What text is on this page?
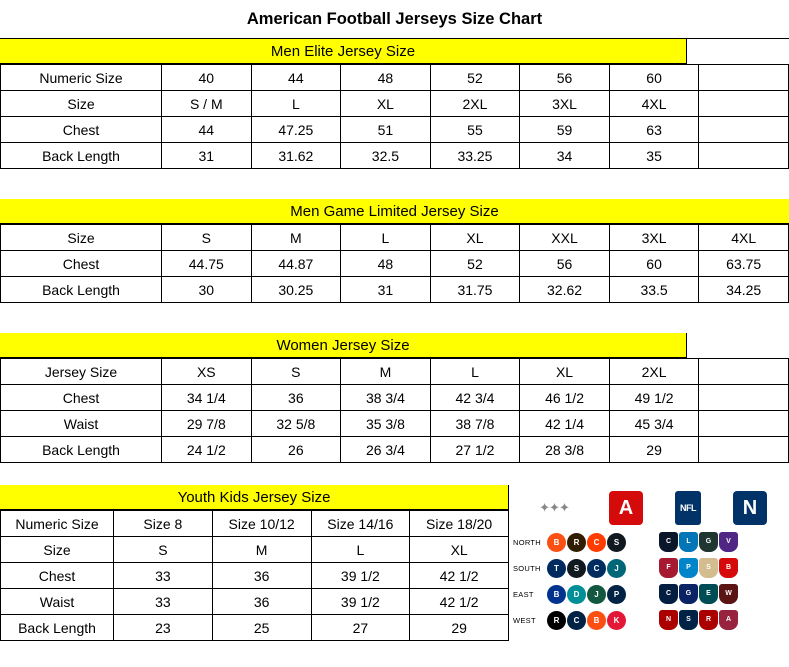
American Football Jerseys Size Chart
Men Elite Jersey Size
Numeric Size	40	44	48	52	56	60	
Size	S / M	L	XL	2XL	3XL	4XL	
Chest	44	47.25	51	55	59	63	
Back Length	31	31.62	32.5	33.25	34	35	
Men Game Limited Jersey Size
Size	S	M	L	XL	XXL	3XL	4XL
Chest	44.75	44.87	48	52	56	60	63.75
Back Length	30	30.25	31	31.75	32.62	33.5	34.25
Women Jersey Size
Jersey Size	XS	S	M	L	XL	2XL	
Chest	34 1/4	36	38 3/4	42 3/4	46 1/2	49 1/2	
Waist	29 7/8	32 5/8	35 3/8	38 7/8	42 1/4	45 3/4	
Back Length	24 1/2	26	26 3/4	27 1/2	28 3/8	29	
Youth Kids Jersey Size
Numeric Size	Size 8	Size 10/12	Size 14/16	Size 18/20
Size	S	M	L	XL
Chest	33	36	39 1/2	42 1/2
Waist	33	36	39 1/2	42 1/2
Back Length	23	25	27	29
✦✦✦	A	NFL	N
NORTH	B	R	C	S	C	L	G	V
SOUTH	T	S	C	J	F	P	S	B
EAST	B	D	J	P	C	G	E	W
WEST	R	C	B	K	N	S	R	A
